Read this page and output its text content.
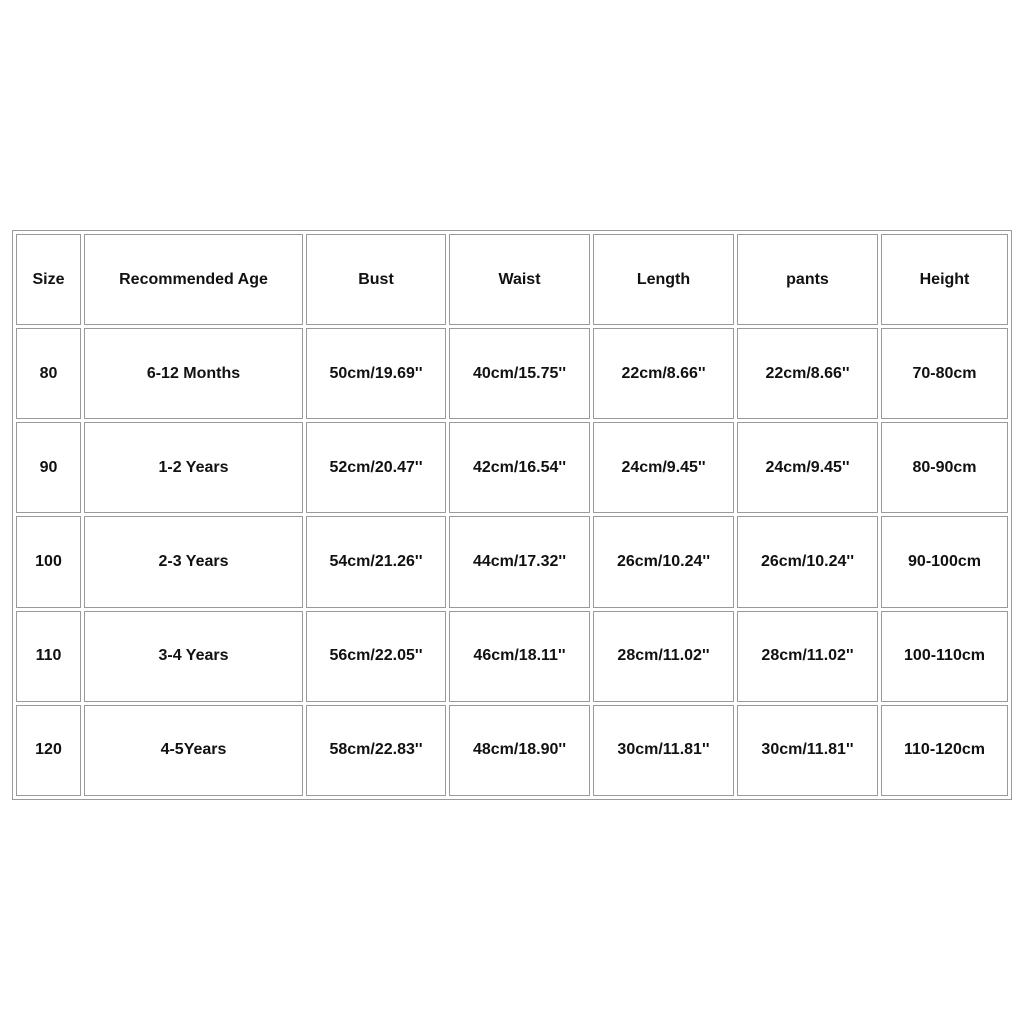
Size	Recommended Age	Bust	Waist	Length	pants	Height
80	6-12 Months	50cm/19.69''	40cm/15.75''	22cm/8.66''	22cm/8.66''	70-80cm
90	1-2 Years	52cm/20.47''	42cm/16.54''	24cm/9.45''	24cm/9.45''	80-90cm
100	2-3 Years	54cm/21.26''	44cm/17.32''	26cm/10.24''	26cm/10.24''	90-100cm
110	3-4 Years	56cm/22.05''	46cm/18.11''	28cm/11.02''	28cm/11.02''	100-110cm
120	4-5Years	58cm/22.83''	48cm/18.90''	30cm/11.81''	30cm/11.81''	110-120cm
